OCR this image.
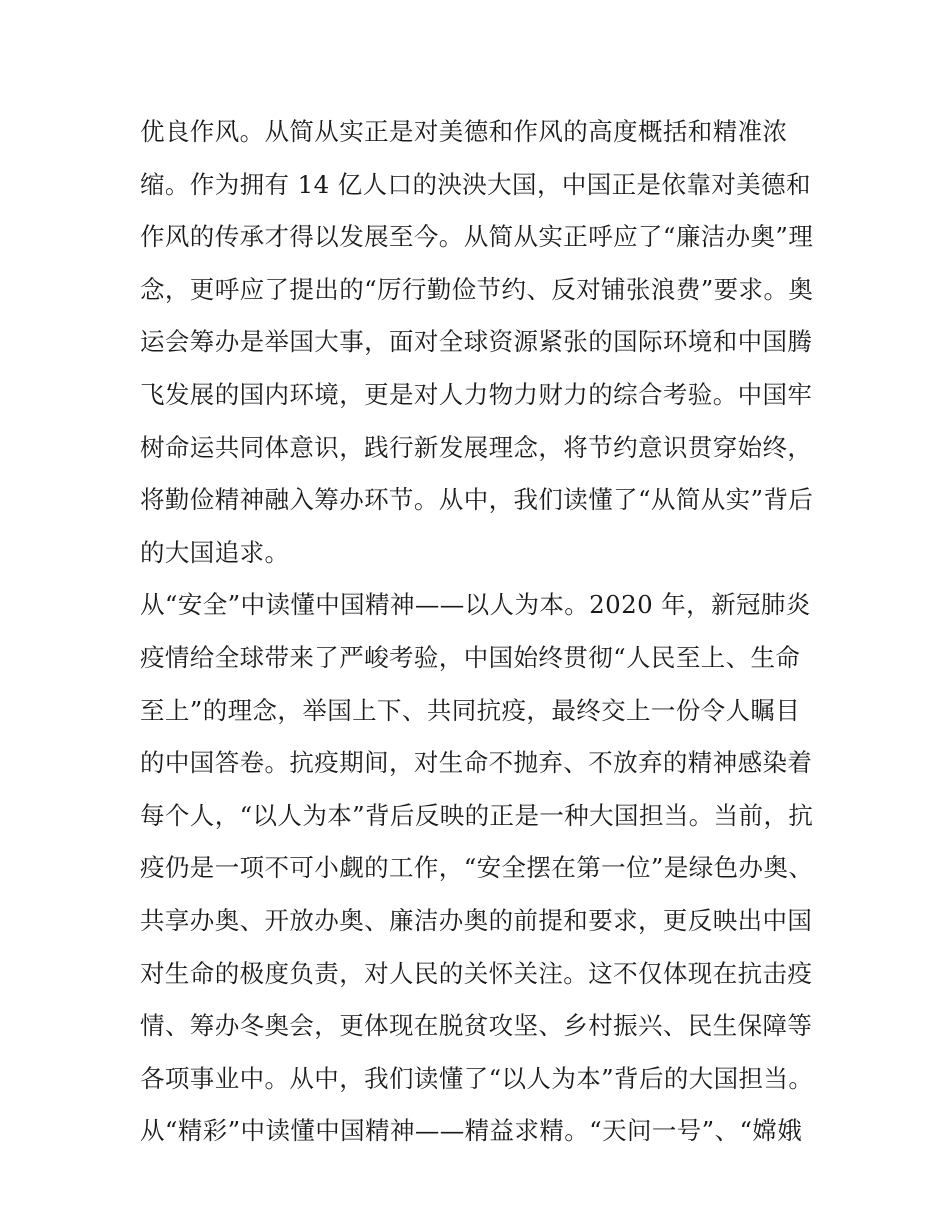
优良作风。从简从实正是对美德和作风的高度概括和精准浓
缩。作为拥有 14 亿人口的泱泱大国，中国正是依靠对美德和
作风的传承才得以发展至今。从简从实正呼应了“廉洁办奥”理
念，更呼应了提出的“厉行勤俭节约、反对铺张浪费”要求。奥
运会筹办是举国大事，面对全球资源紧张的国际环境和中国腾
飞发展的国内环境，更是对人力物力财力的综合考验。中国牢
树命运共同体意识，践行新发展理念，将节约意识贯穿始终，
将勤俭精神融入筹办环节。从中，我们读懂了“从简从实”背后
的大国追求。
从“安全”中读懂中国精神——以人为本。2020 年，新冠肺炎
疫情给全球带来了严峻考验，中国始终贯彻“人民至上、生命
至上”的理念，举国上下、共同抗疫，最终交上一份令人瞩目
的中国答卷。抗疫期间，对生命不抛弃、不放弃的精神感染着
每个人，“以人为本”背后反映的正是一种大国担当。当前，抗
疫仍是一项不可小觑的工作，“安全摆在第一位”是绿色办奥、
共享办奥、开放办奥、廉洁办奥的前提和要求，更反映出中国
对生命的极度负责，对人民的关怀关注。这不仅体现在抗击疫
情、筹办冬奥会，更体现在脱贫攻坚、乡村振兴、民生保障等
各项事业中。从中，我们读懂了“以人为本”背后的大国担当。
从“精彩”中读懂中国精神——精益求精。“天问一号”、“嫦娥
